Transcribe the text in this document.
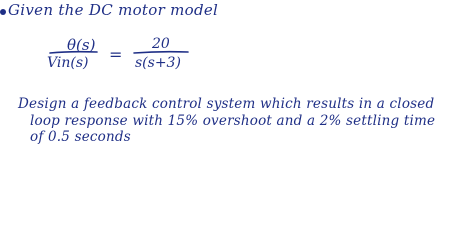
Given the DC motor model
θ(s)
Vin(s) =
20
s(s+3)
Design a feedback control system which results in a closed
loop response with 15% overshoot and a 2% settling time
of 0.5 seconds
